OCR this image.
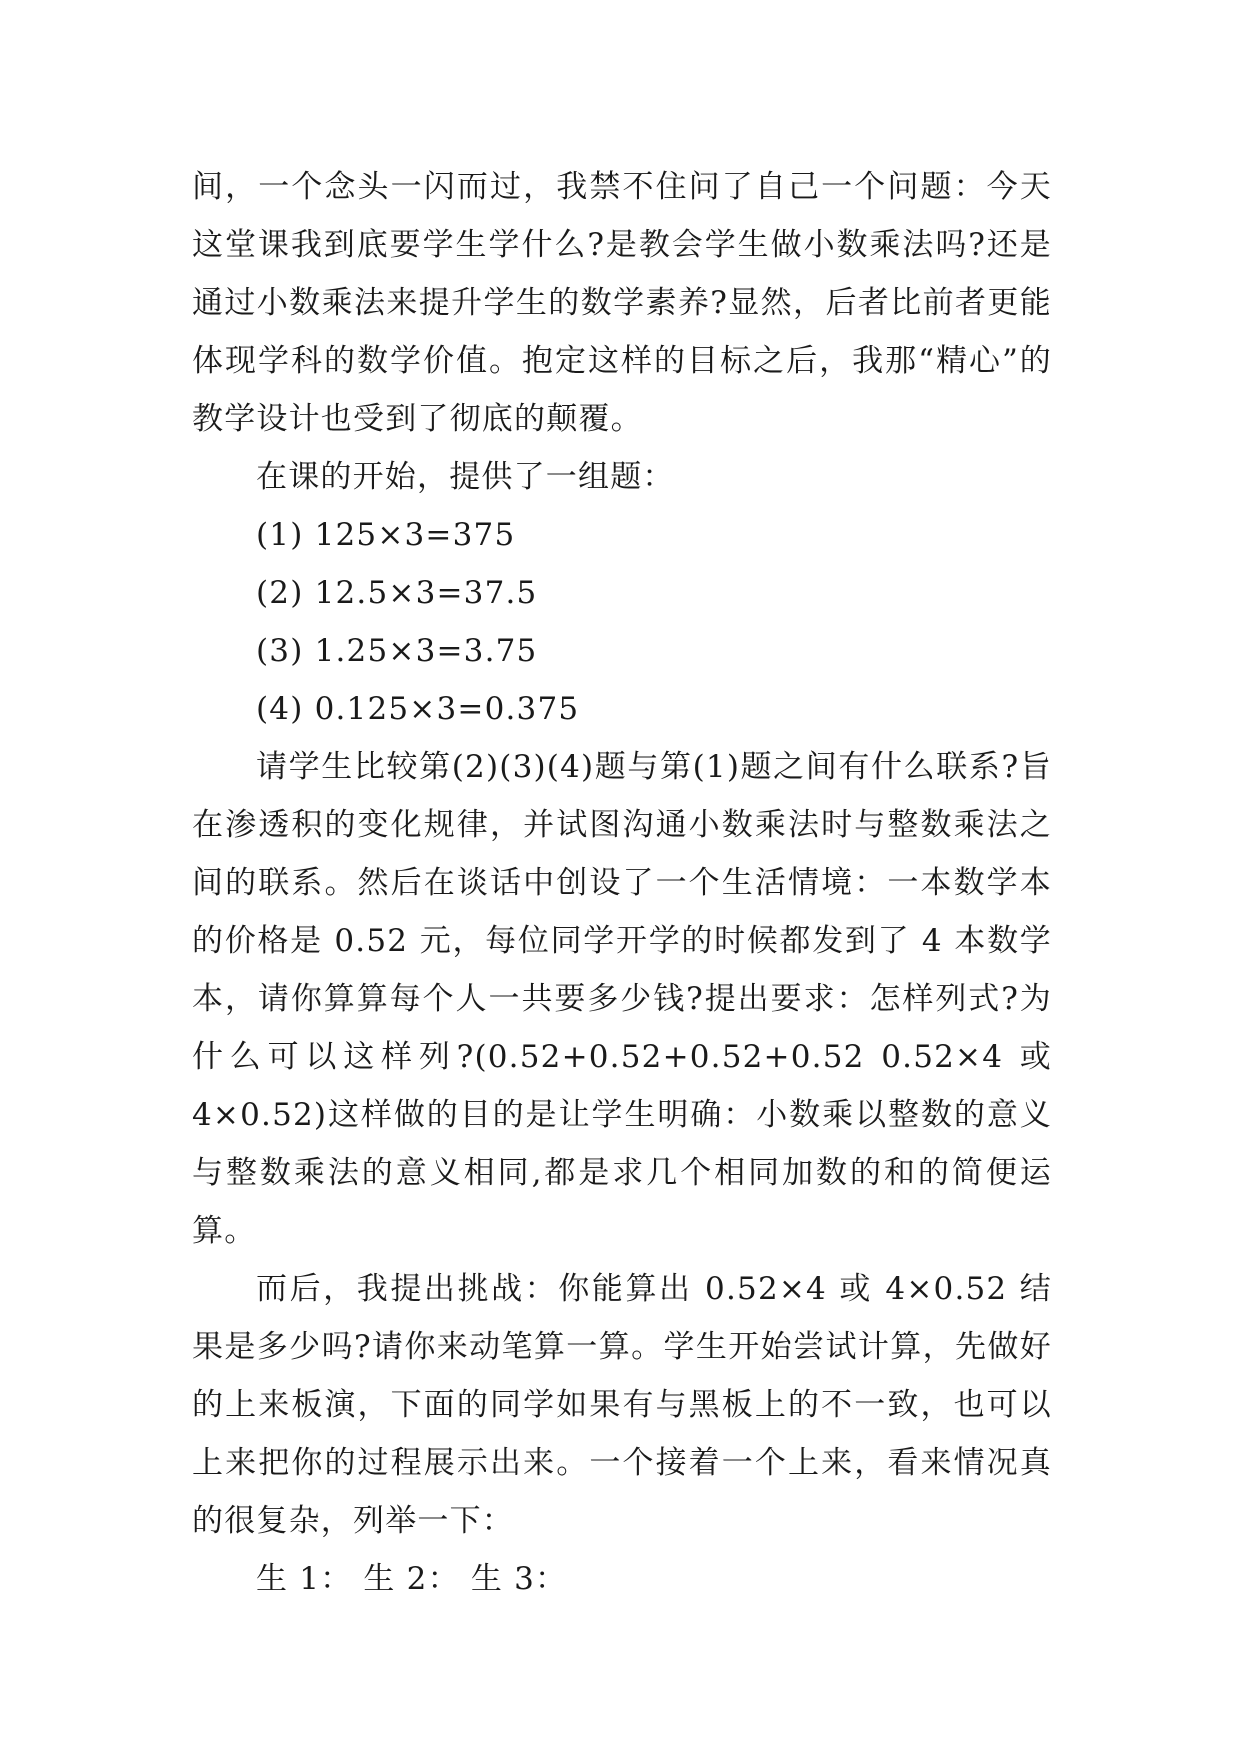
间，一个念头一闪而过，我禁不住问了自己一个问题：今天这堂课我到底要学生学什么?是教会学生做小数乘法吗?还是通过小数乘法来提升学生的数学素养?显然，后者比前者更能体现学科的数学价值。抱定这样的目标之后，我那“精心”的教学设计也受到了彻底的颠覆。

在课的开始，提供了一组题：

(1) 125×3=375

(2) 12.5×3=37.5

(3) 1.25×3=3.75

(4) 0.125×3=0.375

请学生比较第(2)(3)(4)题与第(1)题之间有什么联系?旨在渗透积的变化规律，并试图沟通小数乘法时与整数乘法之间的联系。然后在谈话中创设了一个生活情境：一本数学本的价格是 0.52 元，每位同学开学的时候都发到了 4 本数学本，请你算算每个人一共要多少钱?提出要求：怎样列式?为什么可以这样列?(0.52+0.52+0.52+0.52 0.52×4 或 4×0.52)这样做的目的是让学生明确：小数乘以整数的意义与整数乘法的意义相同,都是求几个相同加数的和的简便运算。

而后，我提出挑战：你能算出 0.52×4 或 4×0.52 结果是多少吗?请你来动笔算一算。学生开始尝试计算，先做好的上来板演，下面的同学如果有与黑板上的不一致，也可以上来把你的过程展示出来。一个接着一个上来，看来情况真的很复杂，列举一下：

生 1： 生 2： 生 3：
